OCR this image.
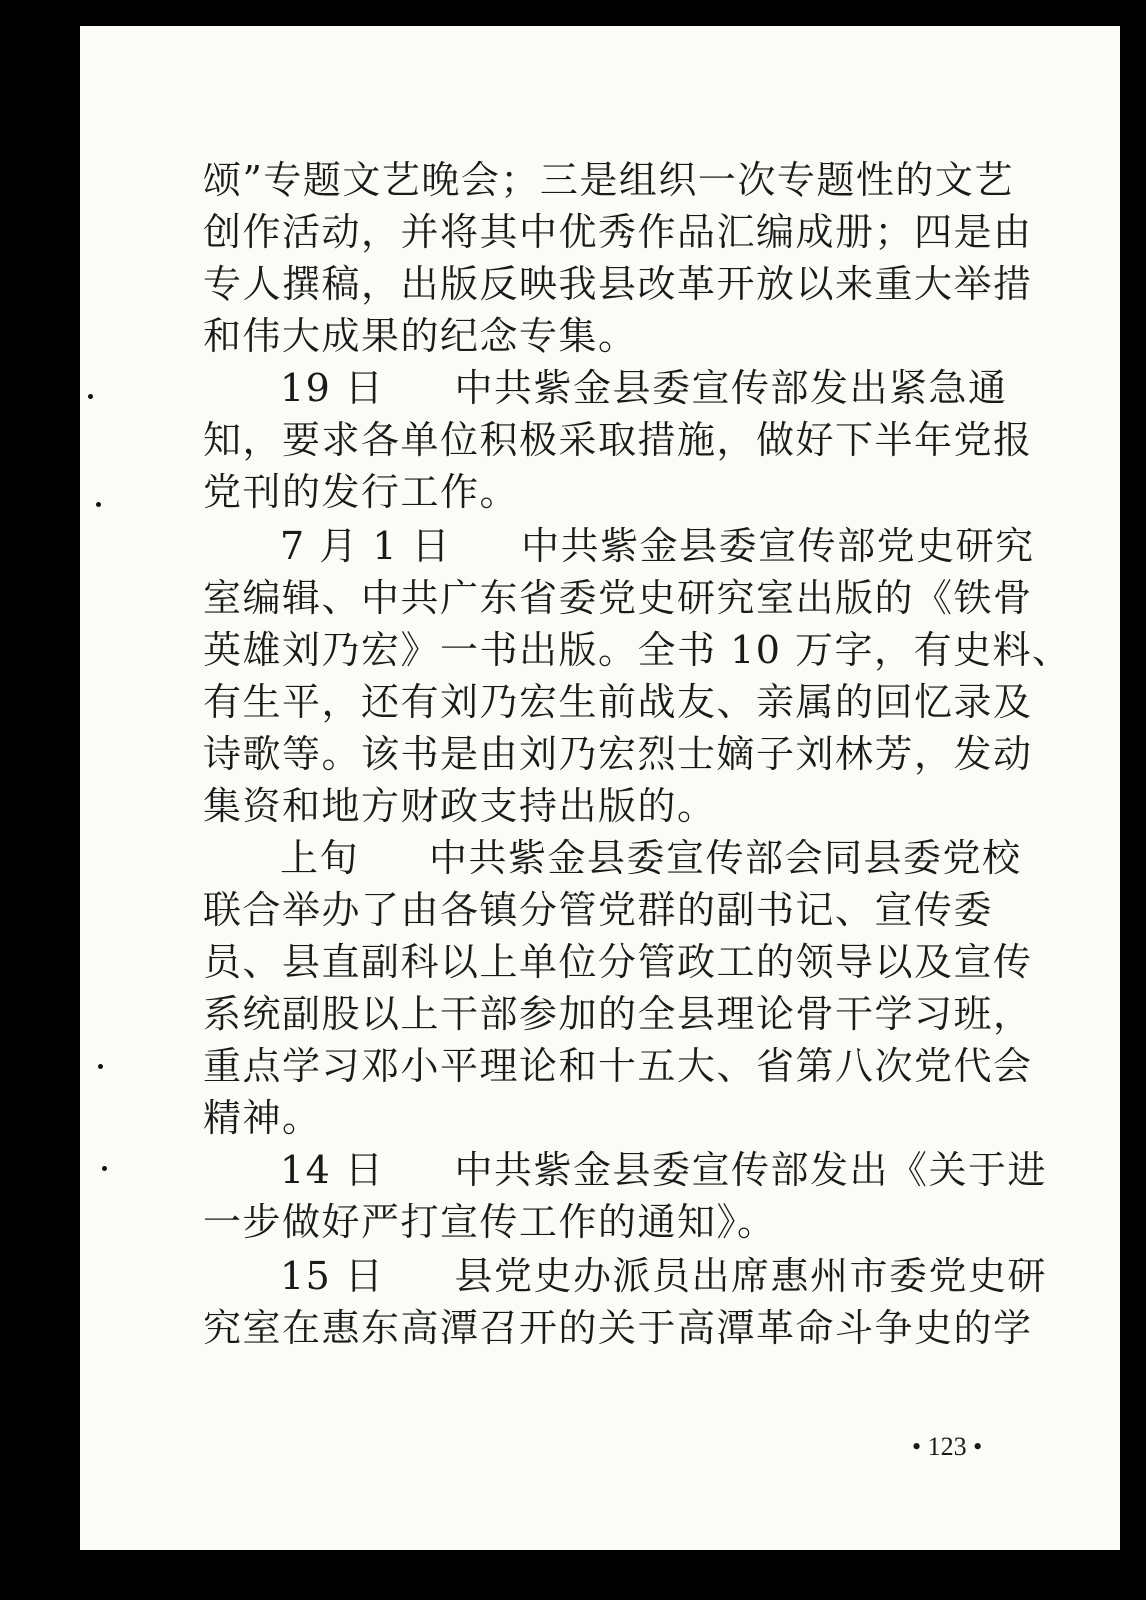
颂”专题文艺晚会；三是组织一次专题性的文艺
创作活动，并将其中优秀作品汇编成册；四是由
专人撰稿，出版反映我县改革开放以来重大举措
和伟大成果的纪念专集。
19 日 中共紫金县委宣传部发出紧急通
知，要求各单位积极采取措施，做好下半年党报
党刊的发行工作。
7 月 1 日 中共紫金县委宣传部党史研究
室编辑、中共广东省委党史研究室出版的《铁骨
英雄刘乃宏》一书出版。全书 10 万字，有史料、
有生平，还有刘乃宏生前战友、亲属的回忆录及
诗歌等。该书是由刘乃宏烈士嫡子刘林芳，发动
集资和地方财政支持出版的。
上旬 中共紫金县委宣传部会同县委党校
联合举办了由各镇分管党群的副书记、宣传委
员、县直副科以上单位分管政工的领导以及宣传
系统副股以上干部参加的全县理论骨干学习班，
重点学习邓小平理论和十五大、省第八次党代会
精神。
14 日 中共紫金县委宣传部发出《关于进
一步做好严打宣传工作的通知》。
15 日 县党史办派员出席惠州市委党史研
究室在惠东高潭召开的关于高潭革命斗争史的学
• 123 •
